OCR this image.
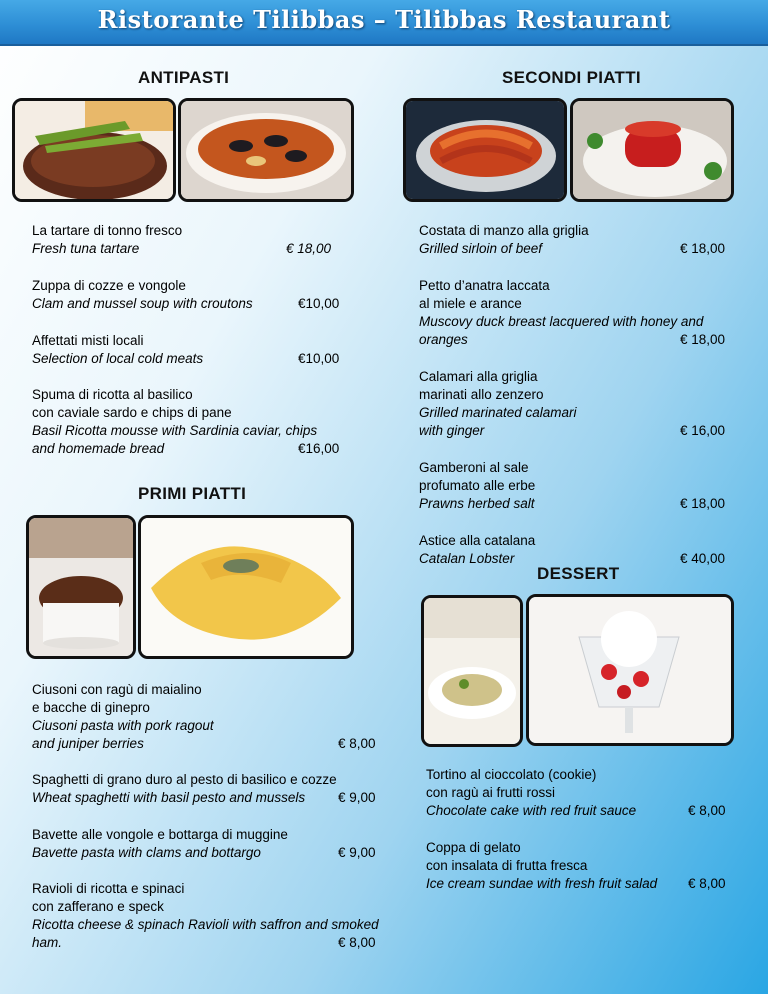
Ristorante Tilibbas – Tilibbas Restaurant
ANTIPASTI	SECONDI PIATTI
PRIMI PIATTI
DESSERT
La tartare di tonno fresco
Fresh tuna tartare	€ 18,00
Zuppa di cozze e vongole
Clam and mussel soup with croutons	€10,00
Affettati misti locali
Selection of local cold meats	€10,00
Spuma di ricotta al basilico
con caviale sardo e chips di pane
Basil Ricotta mousse with Sardinia caviar, chips
and homemade bread	€16,00
Costata di manzo alla griglia
Grilled sirloin of beef	€ 18,00
Petto d’anatra laccata
al miele e arance
Muscovy duck breast lacquered with honey and
oranges	€ 18,00
Calamari alla griglia
marinati allo zenzero
Grilled marinated calamari
with ginger	€ 16,00
Gamberoni al sale
profumato alle erbe
Prawns herbed salt	€ 18,00
Astice alla catalana
Catalan Lobster	€ 40,00
Ciusoni con ragù di maialino
e bacche di ginepro
Ciusoni pasta with pork ragout
and juniper berries	€ 8,00
Spaghetti di grano duro al pesto di basilico e cozze
Wheat spaghetti with basil pesto and mussels	€ 9,00
Bavette alle vongole e bottarga di muggine
Bavette pasta with clams and bottargo	€ 9,00
Ravioli di ricotta e spinaci
con zafferano e speck
Ricotta cheese & spinach Ravioli with saffron and smoked
ham.	€ 8,00
Tortino al cioccolato (cookie)
con ragù ai frutti rossi
Chocolate cake with red fruit sauce	€ 8,00
Coppa di gelato
con insalata di frutta fresca
Ice cream sundae with fresh fruit salad € 8,00
